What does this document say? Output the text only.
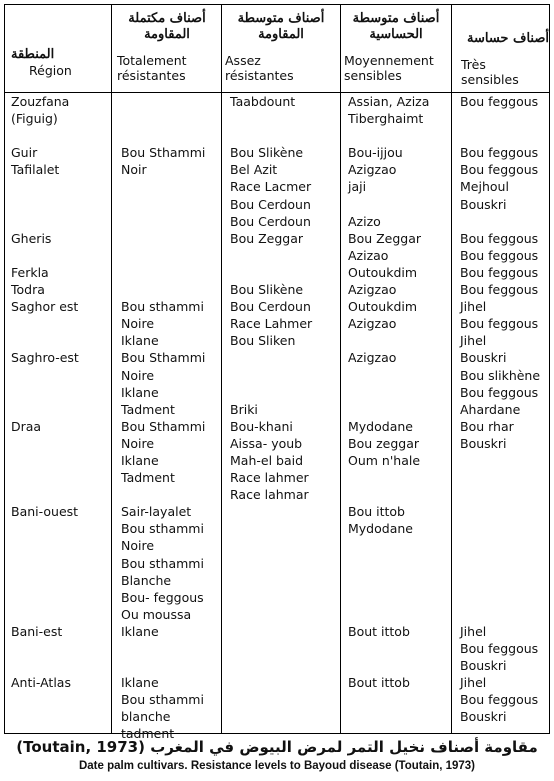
المنطقة
Région
أصناف مكتملة المقاومة
Totalement
résistantes
أصناف متوسطة المقاومة
Assez
résistantes
أصناف متوسطة الحساسية
Moyennement
sensibles
أصناف حساسة
Très
sensibles
Zouzfana
(Figuig)
Guir
Tafilalet
Gheris
Ferkla
Todra
Saghor est
Saghro-est
Draa
Bani-ouest
Bani-est
Anti-Atlas
Bou Sthammi
Noir
Bou sthammi
Noire
Iklane
Bou Sthammi
Noire
Iklane
Tadment
Bou Sthammi
Noire
Iklane
Tadment
Sair-layalet
Bou sthammi
Noire
Bou sthammi
Blanche
Bou- feggous
Ou moussa
Iklane
Iklane
Bou sthammi
blanche
tadment
Taabdount
Bou Slikène
Bel Azit
Race Lacmer
Bou Cerdoun
Bou Cerdoun
Bou Zeggar
Bou Slikène
Bou Cerdoun
Race Lahmer
Bou Sliken
Briki
Bou-khani
Aissa- youb
Mah-el baid
Race lahmer
Race lahmar
Assian, Aziza
Tiberghaimt
Bou-ijjou
Azigzao
jaji
Azizo
Bou Zeggar
Azizao
Outoukdim
Azigzao
Outoukdim
Azigzao
Azigzao
Mydodane
Bou zeggar
Oum n'hale
Bou ittob
Mydodane
Bout ittob
Bout ittob
Bou feggous
Bou feggous
Bou feggous
Mejhoul
Bouskri
Bou feggous
Bou feggous
Bou feggous
Bou feggous
Jihel
Bou feggous
Jihel
Bouskri
Bou slikhène
Bou feggous
Ahardane
Bou rhar
Bouskri
Jihel
Bou feggous
Bouskri
Jihel
Bou feggous
Bouskri
مقاومة أصناف نخيل التمر لمرض البيوض في المغرب (Toutain, 1973)
Date palm cultivars. Resistance levels to Bayoud disease (Toutain, 1973)
